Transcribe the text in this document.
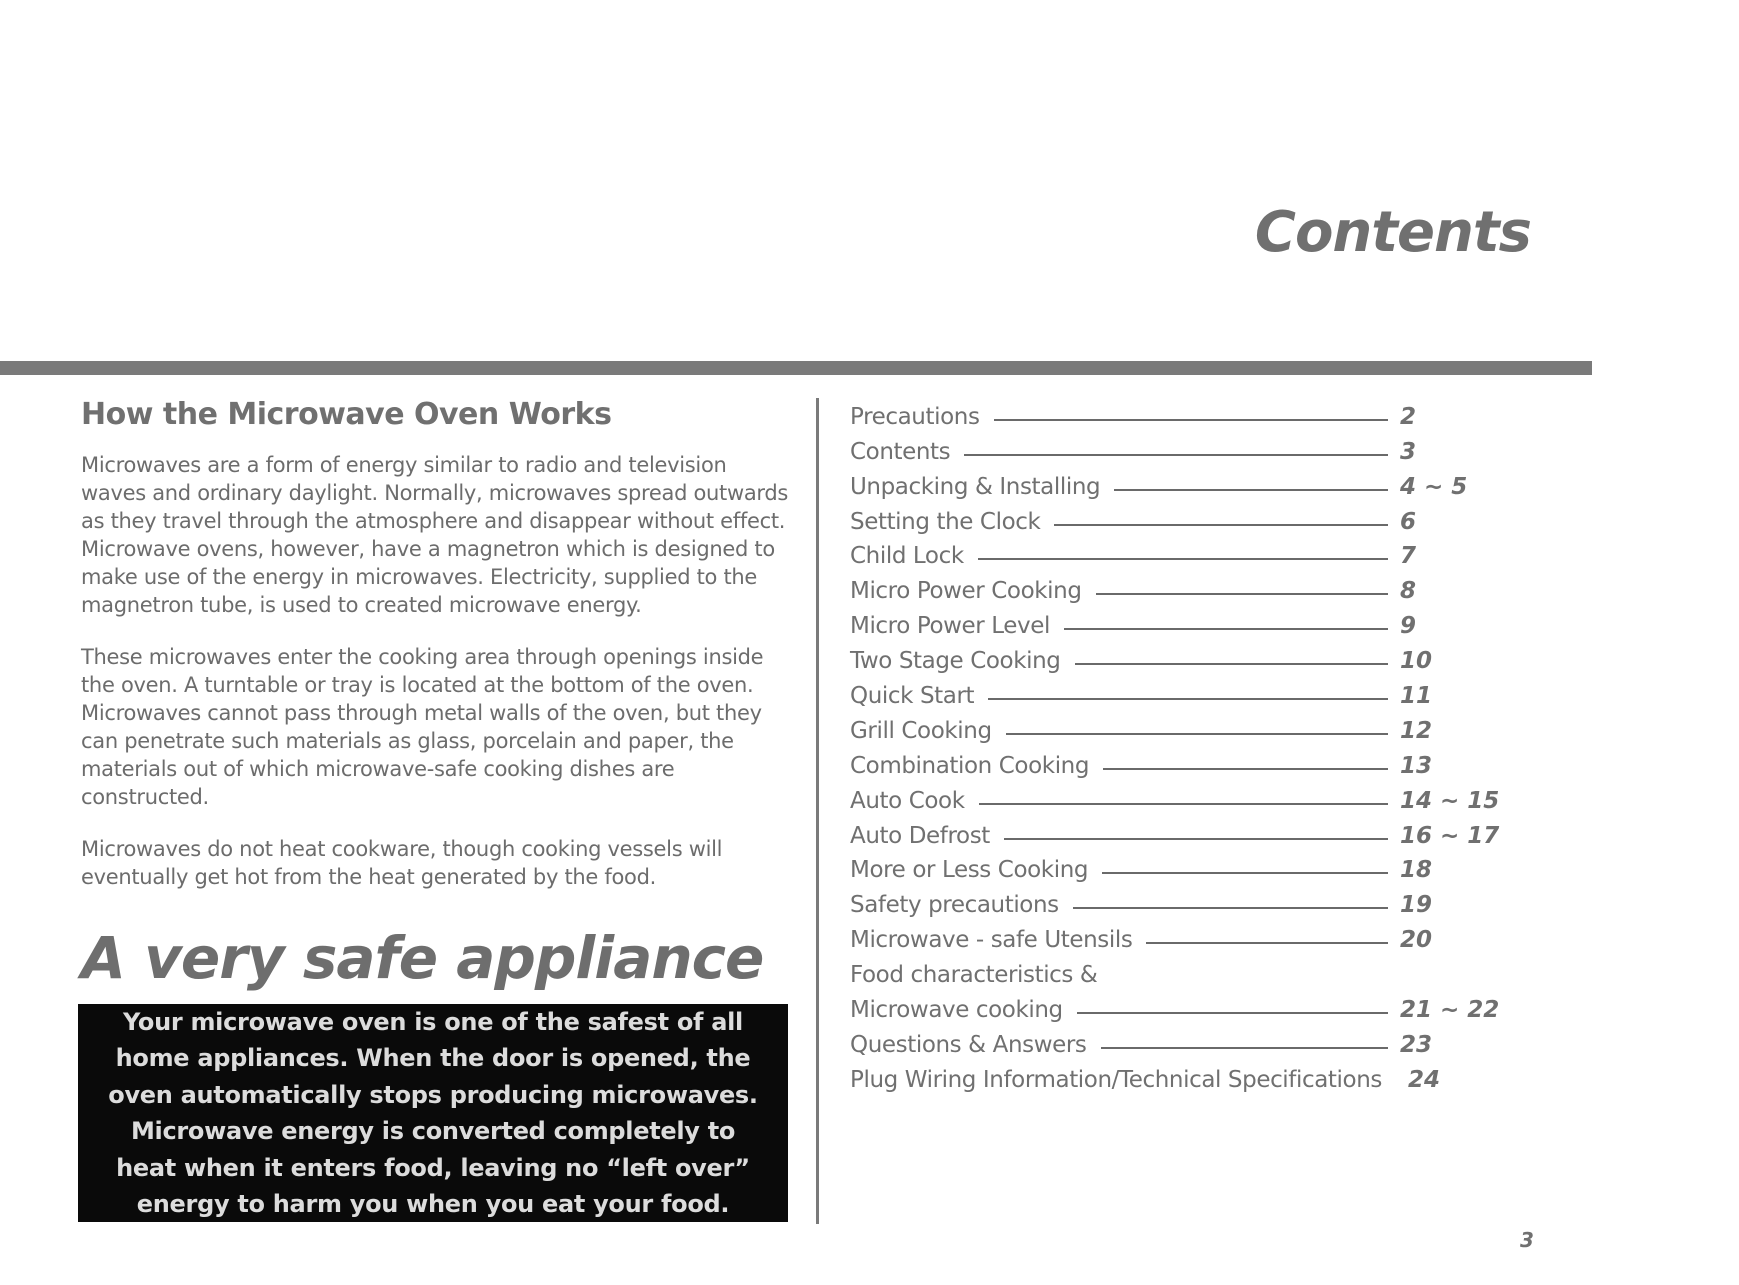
Contents
How the Microwave Oven Works

Microwaves are a form of energy similar to radio and television waves and ordinary daylight. Normally, microwaves spread outwards as they travel through the atmosphere and disappear without effect. Microwave ovens, however, have a magnetron which is designed to make use of the energy in microwaves. Electricity, supplied to the magnetron tube, is used to created microwave energy.

These microwaves enter the cooking area through openings inside the oven. A turntable or tray is located at the bottom of the oven. Microwaves cannot pass through metal walls of the oven, but they can penetrate such materials as glass, porcelain and paper, the materials out of which microwave-safe cooking dishes are constructed.

Microwaves do not heat cookware, though cooking vessels will eventually get hot from the heat generated by the food.

A very safe appliance

Your microwave oven is one of the safest of all home appliances. When the door is opened, the oven automatically stops producing microwaves. Microwave energy is converted completely to heat when it enters food, leaving no “left over” energy to harm you when you eat your food.

Precautions	2
Contents	3
Unpacking & Installing	4 ~ 5
Setting the Clock	6
Child Lock	7
Micro Power Cooking	8
Micro Power Level	9
Two Stage Cooking	10
Quick Start	11
Grill Cooking	12
Combination Cooking	13
Auto Cook	14 ~ 15
Auto Defrost	16 ~ 17
More or Less Cooking	18
Safety precautions	19
Microwave - safe Utensils	20
Food characteristics &
Microwave cooking	21 ~ 22
Questions & Answers	23
Plug Wiring Information/Technical Specifications 24
3
